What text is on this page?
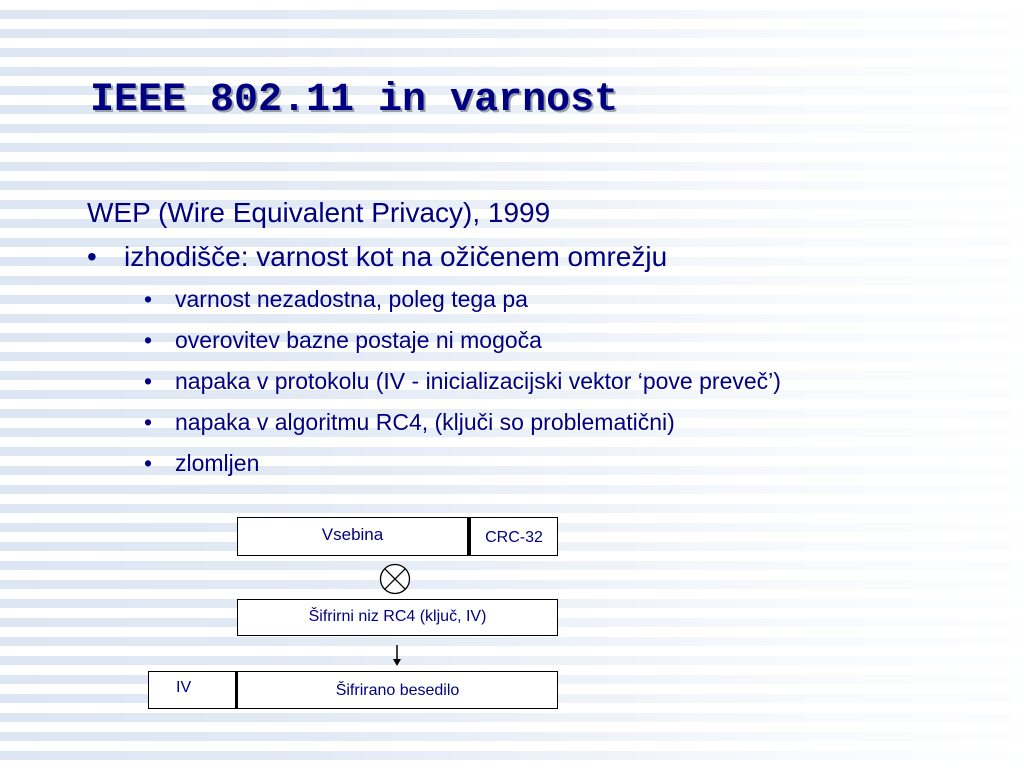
IEEE 802.11 in varnost
WEP (Wire Equivalent Privacy), 1999
• izhodišče: varnost kot na ožičenem omrežju
• varnost nezadostna, poleg tega pa
• overovitev bazne postaje ni mogoča
• napaka v protokolu (IV - inicializacijski vektor ‘pove preveč’)
• napaka v algoritmu RC4, (ključi so problematični)
• zlomljen
Vsebina	CRC-32
Šifrirni niz RC4 (ključ, IV)
IV	Šifrirano besedilo
